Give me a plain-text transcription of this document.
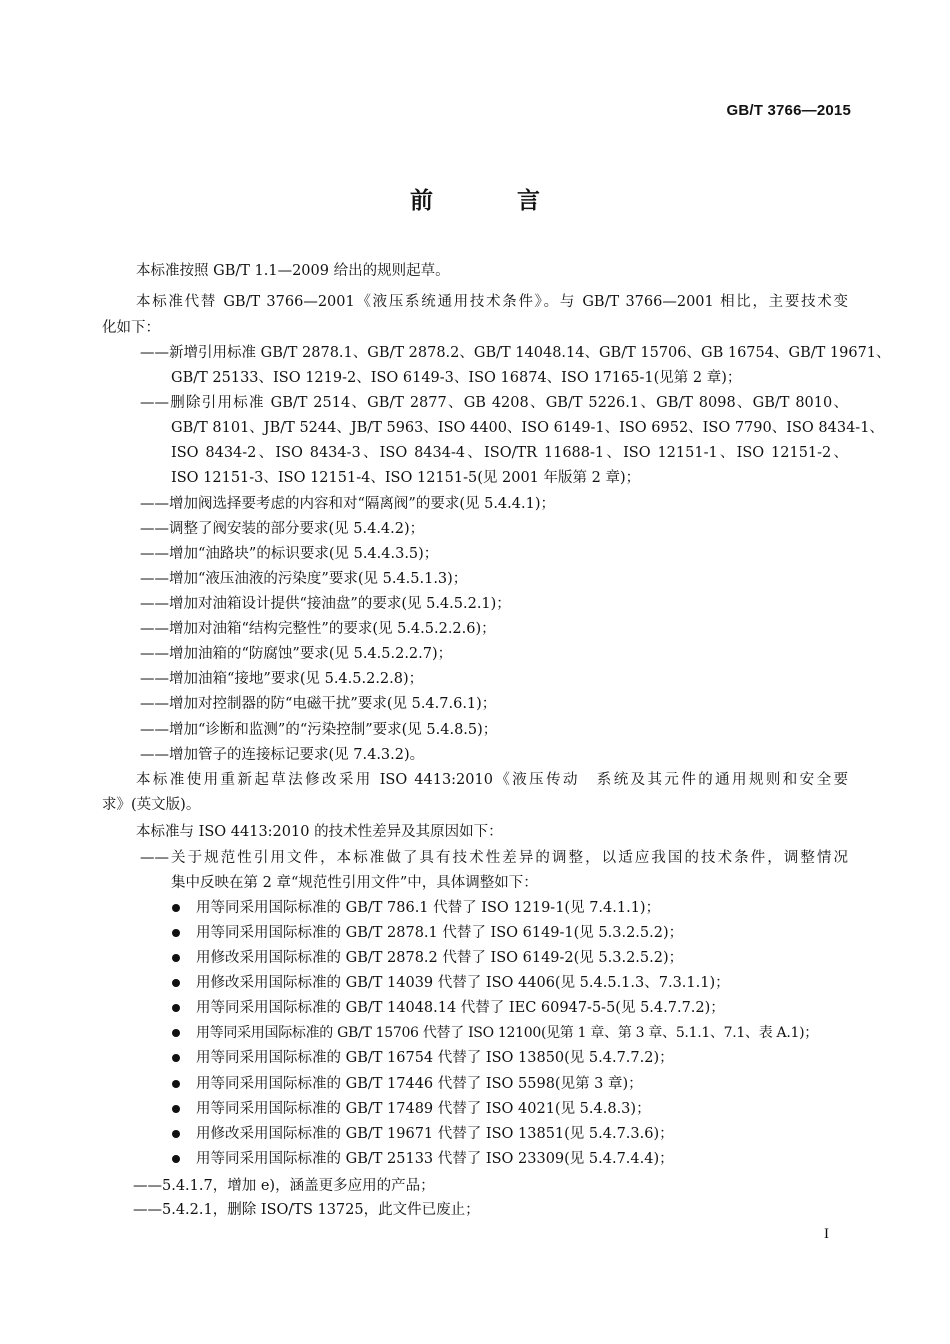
GB/T 3766—2015
前 言
本标准按照 GB/T 1.1—2009 给出的规则起草。
本标准代替 GB/T 3766—2001《液压系统通用技术条件》。与 GB/T 3766—2001 相比，主要技术变
化如下：
——新增引用标准 GB/T 2878.1、GB/T 2878.2、GB/T 14048.14、GB/T 15706、GB 16754、GB/T 19671、
GB/T 25133、ISO 1219-2、ISO 6149-3、ISO 16874、ISO 17165-1(见第 2 章)；
——删除引用标准 GB/T 2514、GB/T 2877、GB 4208、GB/T 5226.1、GB/T 8098、GB/T 8010、
GB/T 8101、JB/T 5244、JB/T 5963、ISO 4400、ISO 6149-1、ISO 6952、ISO 7790、ISO 8434-1、
ISO 8434-2、ISO 8434-3、ISO 8434-4、ISO/TR 11688-1、ISO 12151-1、ISO 12151-2、
ISO 12151-3、ISO 12151-4、ISO 12151-5(见 2001 年版第 2 章)；
——增加阀选择要考虑的内容和对“隔离阀”的要求(见 5.4.4.1)；
——调整了阀安装的部分要求(见 5.4.4.2)；
——增加“油路块”的标识要求(见 5.4.4.3.5)；
——增加“液压油液的污染度”要求(见 5.4.5.1.3)；
——增加对油箱设计提供“接油盘”的要求(见 5.4.5.2.1)；
——增加对油箱“结构完整性”的要求(见 5.4.5.2.2.6)；
——增加油箱的“防腐蚀”要求(见 5.4.5.2.2.7)；
——增加油箱“接地”要求(见 5.4.5.2.2.8)；
——增加对控制器的防“电磁干扰”要求(见 5.4.7.6.1)；
——增加“诊断和监测”的“污染控制”要求(见 5.4.8.5)；
——增加管子的连接标记要求(见 7.4.3.2)。
本标准使用重新起草法修改采用 ISO 4413:2010《液压传动　系统及其元件的通用规则和安全要
求》(英文版)。
本标准与 ISO 4413:2010 的技术性差异及其原因如下：
——关于规范性引用文件，本标准做了具有技术性差异的调整，以适应我国的技术条件，调整情况
集中反映在第 2 章“规范性引用文件”中，具体调整如下：
用等同采用国际标准的 GB/T 786.1 代替了 ISO 1219-1(见 7.4.1.1)；
用等同采用国际标准的 GB/T 2878.1 代替了 ISO 6149-1(见 5.3.2.5.2)；
用修改采用国际标准的 GB/T 2878.2 代替了 ISO 6149-2(见 5.3.2.5.2)；
用修改采用国际标准的 GB/T 14039 代替了 ISO 4406(见 5.4.5.1.3、7.3.1.1)；
用等同采用国际标准的 GB/T 14048.14 代替了 IEC 60947-5-5(见 5.4.7.7.2)；
用等同采用国际标准的 GB/T 15706 代替了 ISO 12100(见第 1 章、第 3 章、5.1.1、7.1、表 A.1)；
用等同采用国际标准的 GB/T 16754 代替了 ISO 13850(见 5.4.7.7.2)；
用等同采用国际标准的 GB/T 17446 代替了 ISO 5598(见第 3 章)；
用等同采用国际标准的 GB/T 17489 代替了 ISO 4021(见 5.4.8.3)；
用修改采用国际标准的 GB/T 19671 代替了 ISO 13851(见 5.4.7.3.6)；
用等同采用国际标准的 GB/T 25133 代替了 ISO 23309(见 5.4.7.4.4)；
——5.4.1.7，增加 e)，涵盖更多应用的产品；
——5.4.2.1，删除 ISO/TS 13725，此文件已废止；
I
